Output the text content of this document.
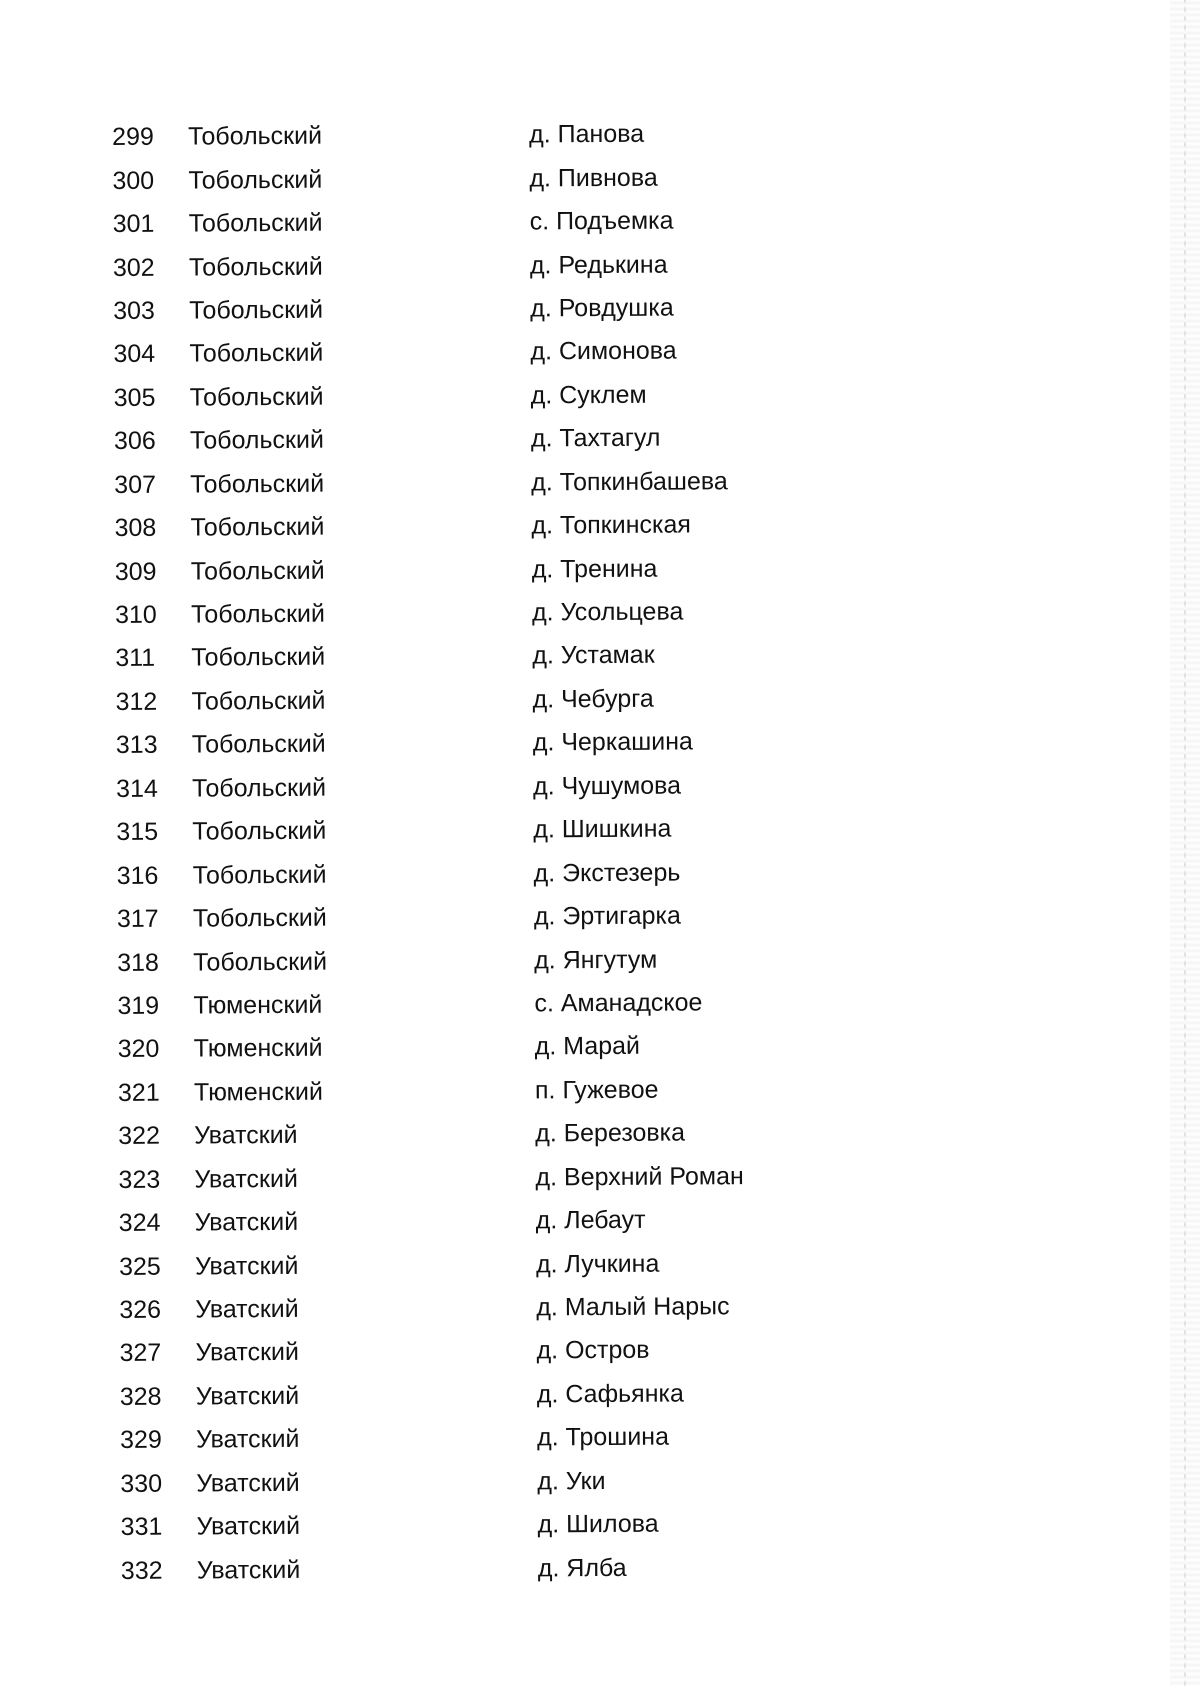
299	Тобольский	д. Панова
300	Тобольский	д. Пивнова
301	Тобольский	с. Подъемка
302	Тобольский	д. Редькина
303	Тобольский	д. Ровдушка
304	Тобольский	д. Симонова
305	Тобольский	д. Суклем
306	Тобольский	д. Тахтагул
307	Тобольский	д. Топкинбашева
308	Тобольский	д. Топкинская
309	Тобольский	д. Тренина
310	Тобольский	д. Усольцева
311	Тобольский	д. Устамак
312	Тобольский	д. Чебурга
313	Тобольский	д. Черкашина
314	Тобольский	д. Чушумова
315	Тобольский	д. Шишкина
316	Тобольский	д. Экстезерь
317	Тобольский	д. Эртигарка
318	Тобольский	д. Янгутум
319	Тюменский	с. Аманадское
320	Тюменский	д. Марай
321	Тюменский	п. Гужевое
322	Уватский	д. Березовка
323	Уватский	д. Верхний Роман
324	Уватский	д. Лебаут
325	Уватский	д. Лучкина
326	Уватский	д. Малый Нарыс
327	Уватский	д. Остров
328	Уватский	д. Сафьянка
329	Уватский	д. Трошина
330	Уватский	д. Уки
331	Уватский	д. Шилова
332	Уватский	д. Ялба
